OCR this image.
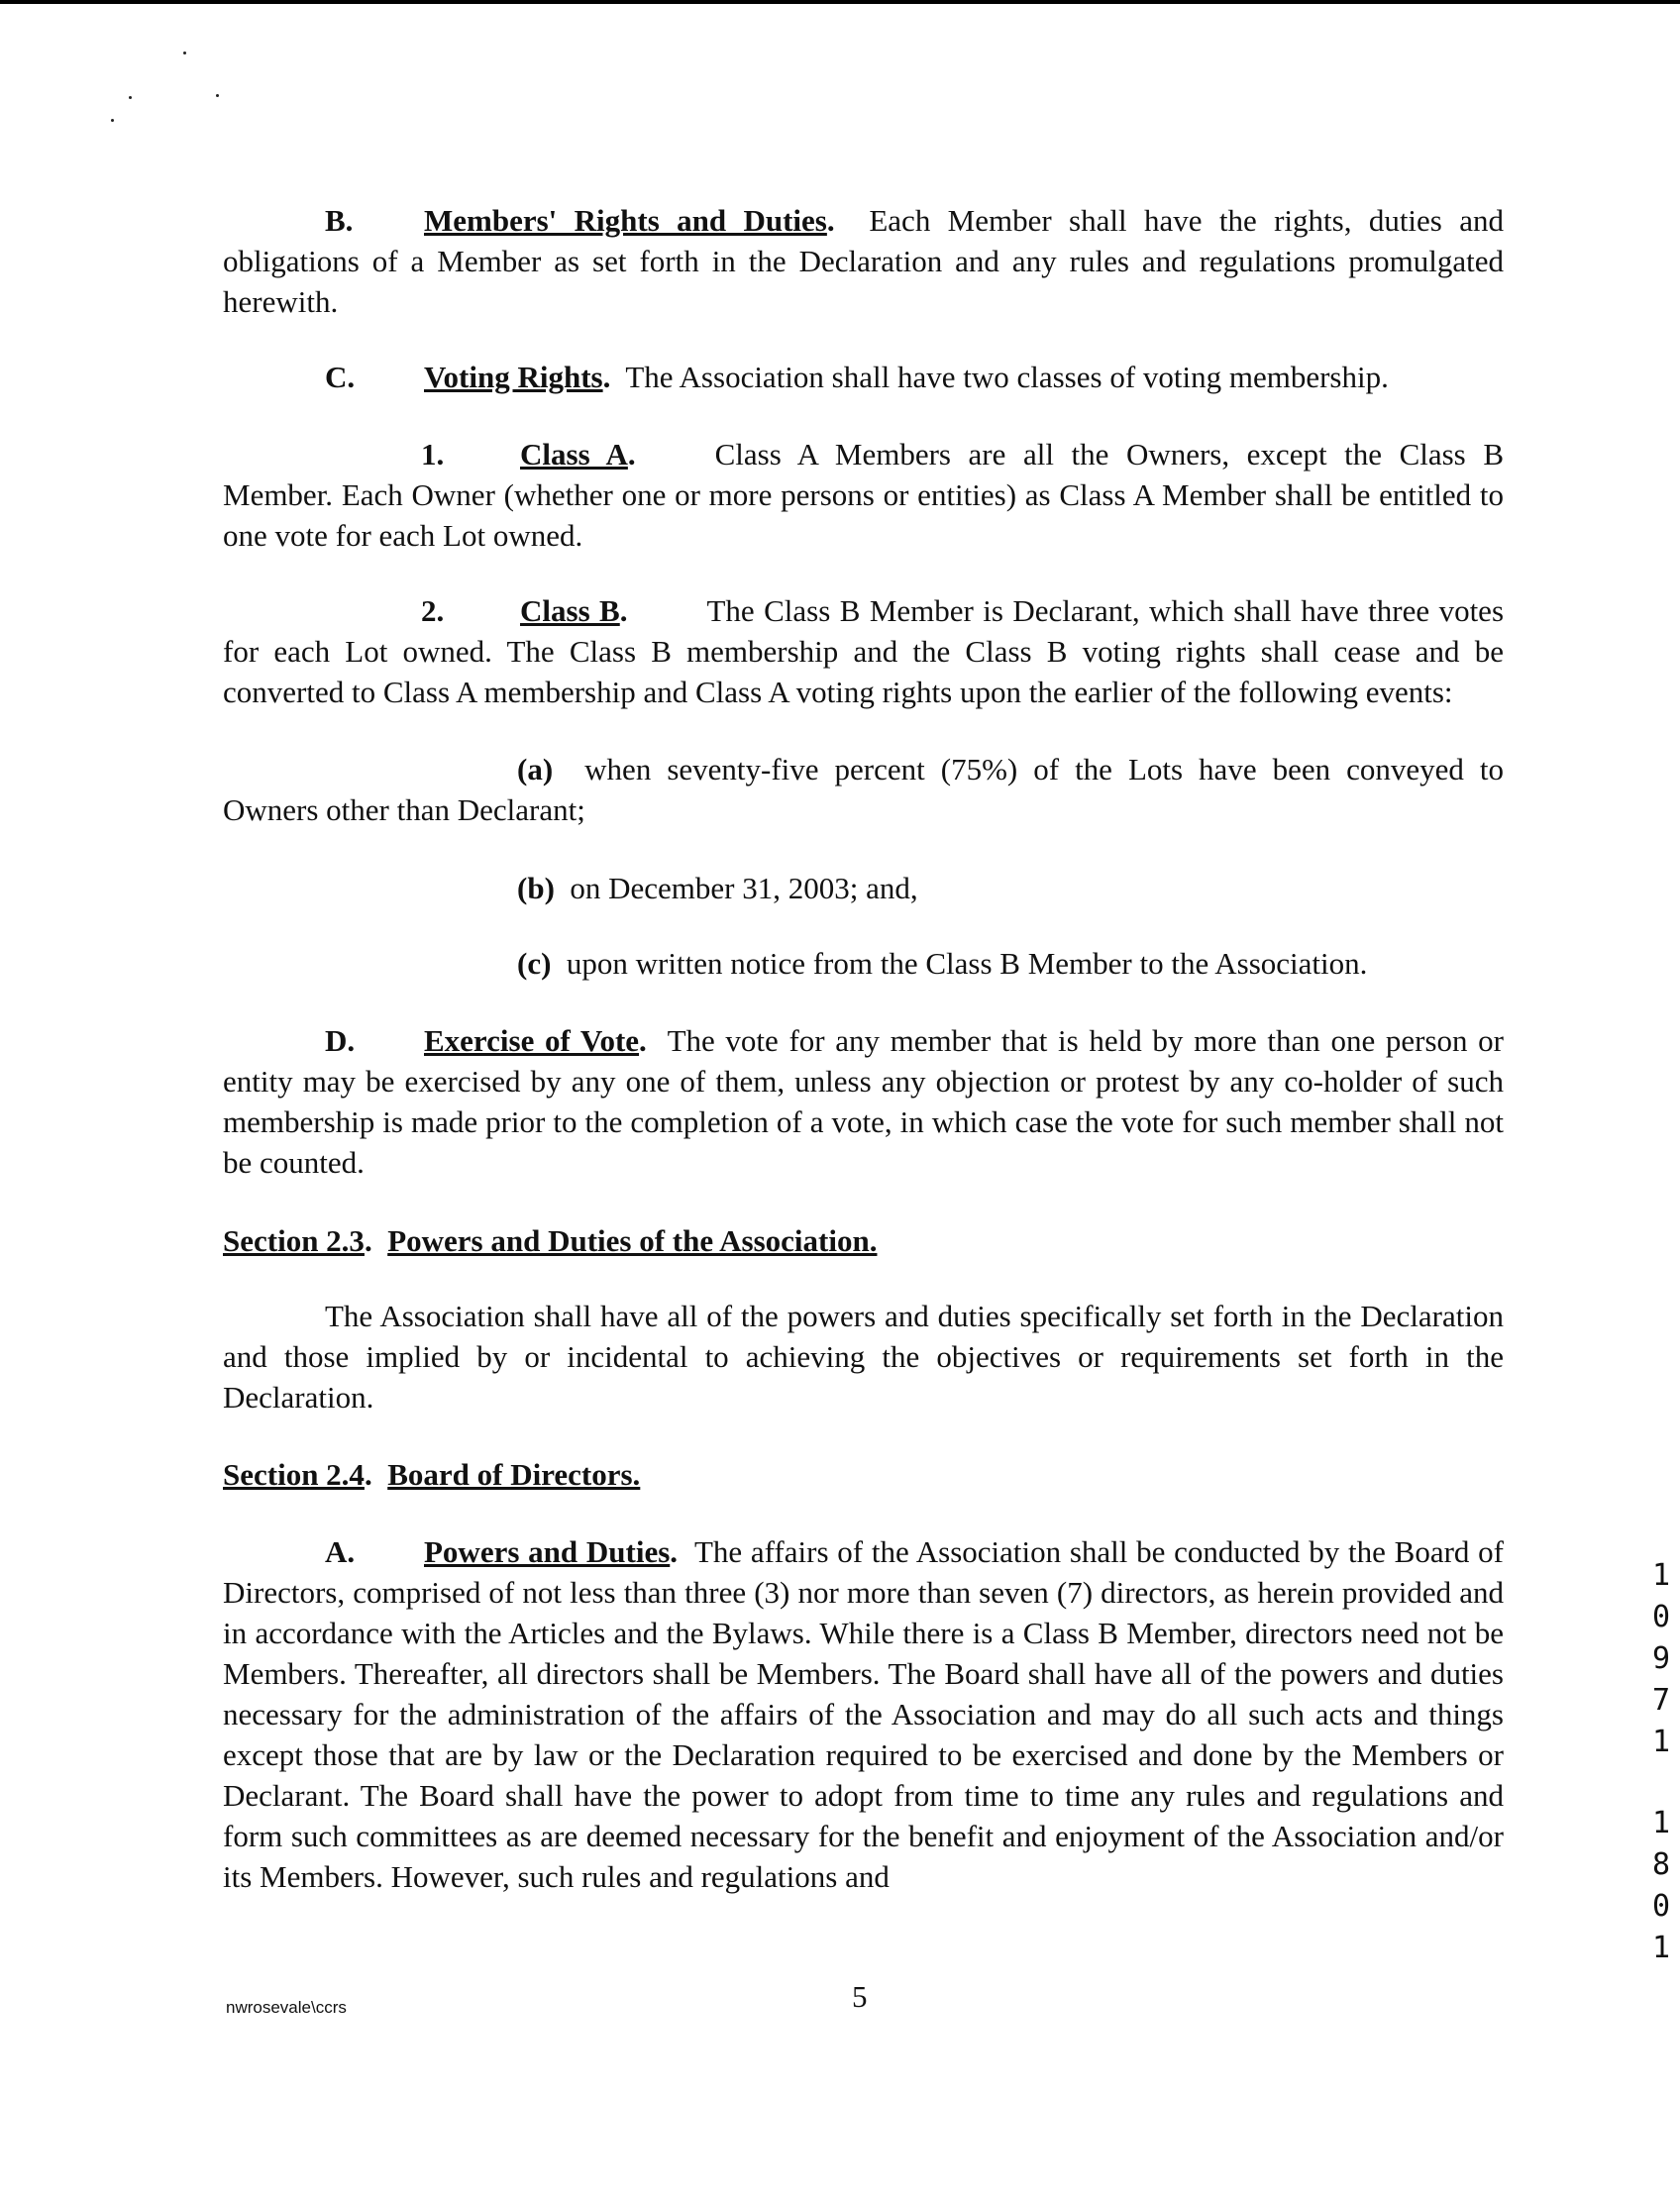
B. Members' Rights and Duties. Each Member shall have the rights, duties and obligations of a Member as set forth in the Declaration and any rules and regulations promulgated herewith.

C. Voting Rights. The Association shall have two classes of voting membership.

1. Class A.	Class A Members are all the Owners, except the Class B Member. Each Owner (whether one or more persons or entities) as Class A Member shall be entitled to one vote for each Lot owned.

2. Class B.	The Class B Member is Declarant, which shall have three votes for each Lot owned. The Class B membership and the Class B voting rights shall cease and be converted to Class A membership and Class A voting rights upon the earlier of the following events:

(a) when seventy-five percent (75%) of the Lots have been conveyed to Owners other than Declarant;

(b) on December 31, 2003; and,

(c) upon written notice from the Class B Member to the Association.

D. Exercise of Vote. The vote for any member that is held by more than one person or entity may be exercised by any one of them, unless any objection or protest by any co-holder of such membership is made prior to the completion of a vote, in which case the vote for such member shall not be counted.

Section 2.3.  Powers and Duties of the Association.

The Association shall have all of the powers and duties specifically set forth in the Declaration and those implied by or incidental to achieving the objectives or requirements set forth in the Declaration.

Section 2.4.  Board of Directors.

A. Powers and Duties. The affairs of the Association shall be conducted by the Board of Directors, comprised of not less than three (3) nor more than seven (7) directors, as herein provided and in accordance with the Articles and the Bylaws. While there is a Class B Member, directors need not be Members. Thereafter, all directors shall be Members. The Board shall have all of the powers and duties necessary for the administration of the affairs of the Association and may do all such acts and things except those that are by law or the Declaration required to be exercised and done by the Members or Declarant. The Board shall have the power to adopt from time to time any rules and regulations and form such committees as are deemed necessary for the benefit and enjoyment of the Association and/or its Members. However, such rules and regulations and

1
0
9
7
1
1
8
0
1
nwrosevale\ccrs	5
